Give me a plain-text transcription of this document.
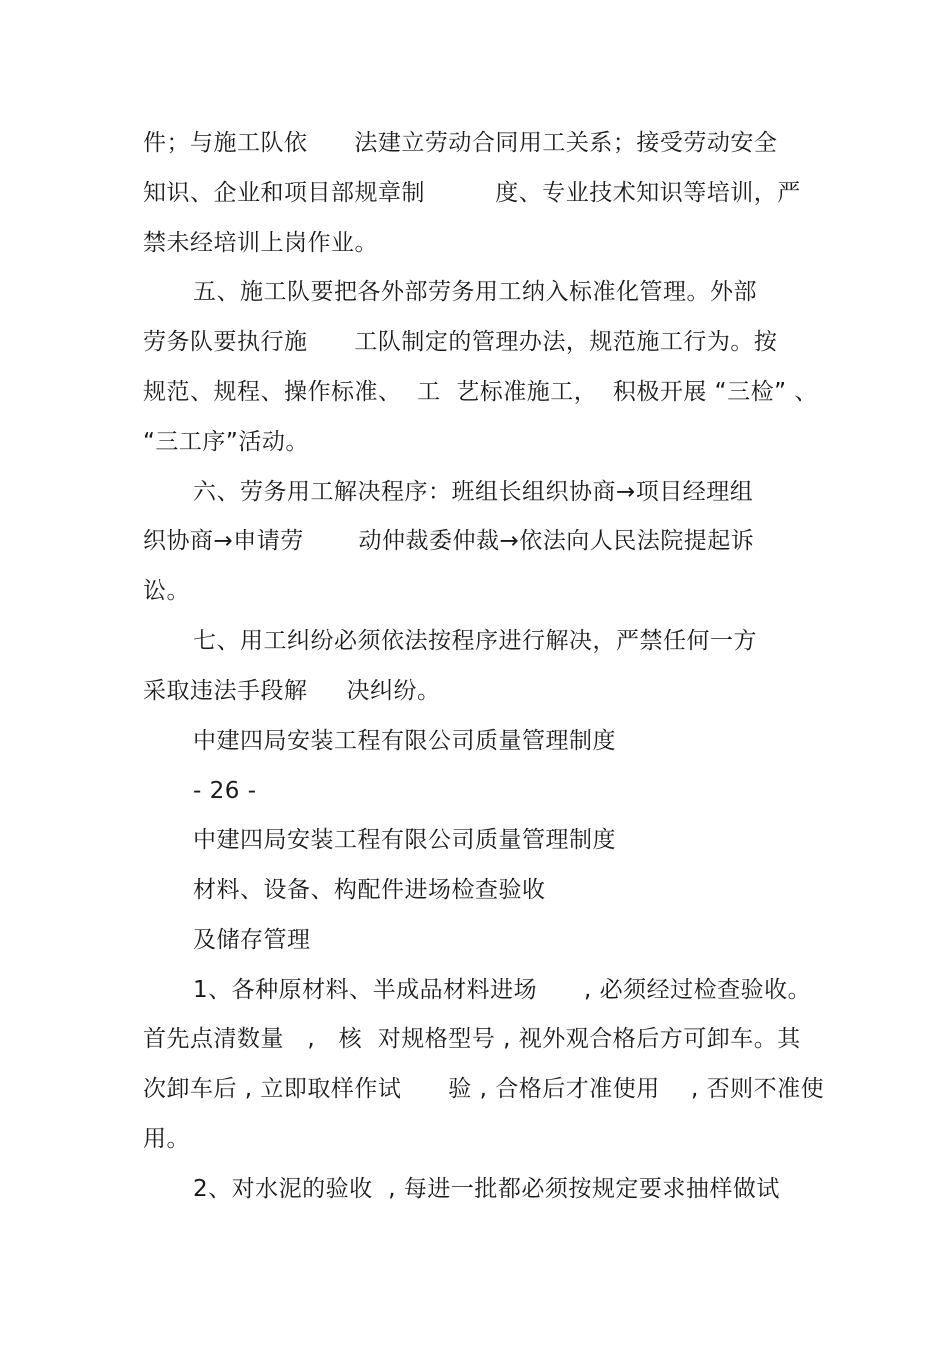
件；与施工队依      法建立劳动合同用工关系；接受劳动安全
知识、企业和项目部规章制         度、专业技术知识等培训，严
禁未经培训上岗作业。
五、施工队要把各外部劳务用工纳入标准化管理。外部
劳务队要执行施      工队制定的管理办法，规范施工行为。按
规范、规程、操作标准、  工  艺标准施工，  积极开展 “三检” 、
“三工序”活动。
六、劳务用工解决程序：班组长组织协商→项目经理组
织协商→申请劳       动仲裁委仲裁→依法向人民法院提起诉
讼。
七、用工纠纷必须依法按程序进行解决，严禁任何一方
采取违法手段解     决纠纷。
中建四局安装工程有限公司质量管理制度
- 26 -
中建四局安装工程有限公司质量管理制度
材料、设备、构配件进场检查验收
及储存管理
1、各种原材料、半成品材料进场      , 必须经过检查验收。
首先点清数量   ,   核  对规格型号 , 视外观合格后方可卸车。其
次卸车后 , 立即取样作试      验 , 合格后才准使用    , 否则不准使
用。
2、对水泥的验收  , 每进一批都必须按规定要求抽样做试
